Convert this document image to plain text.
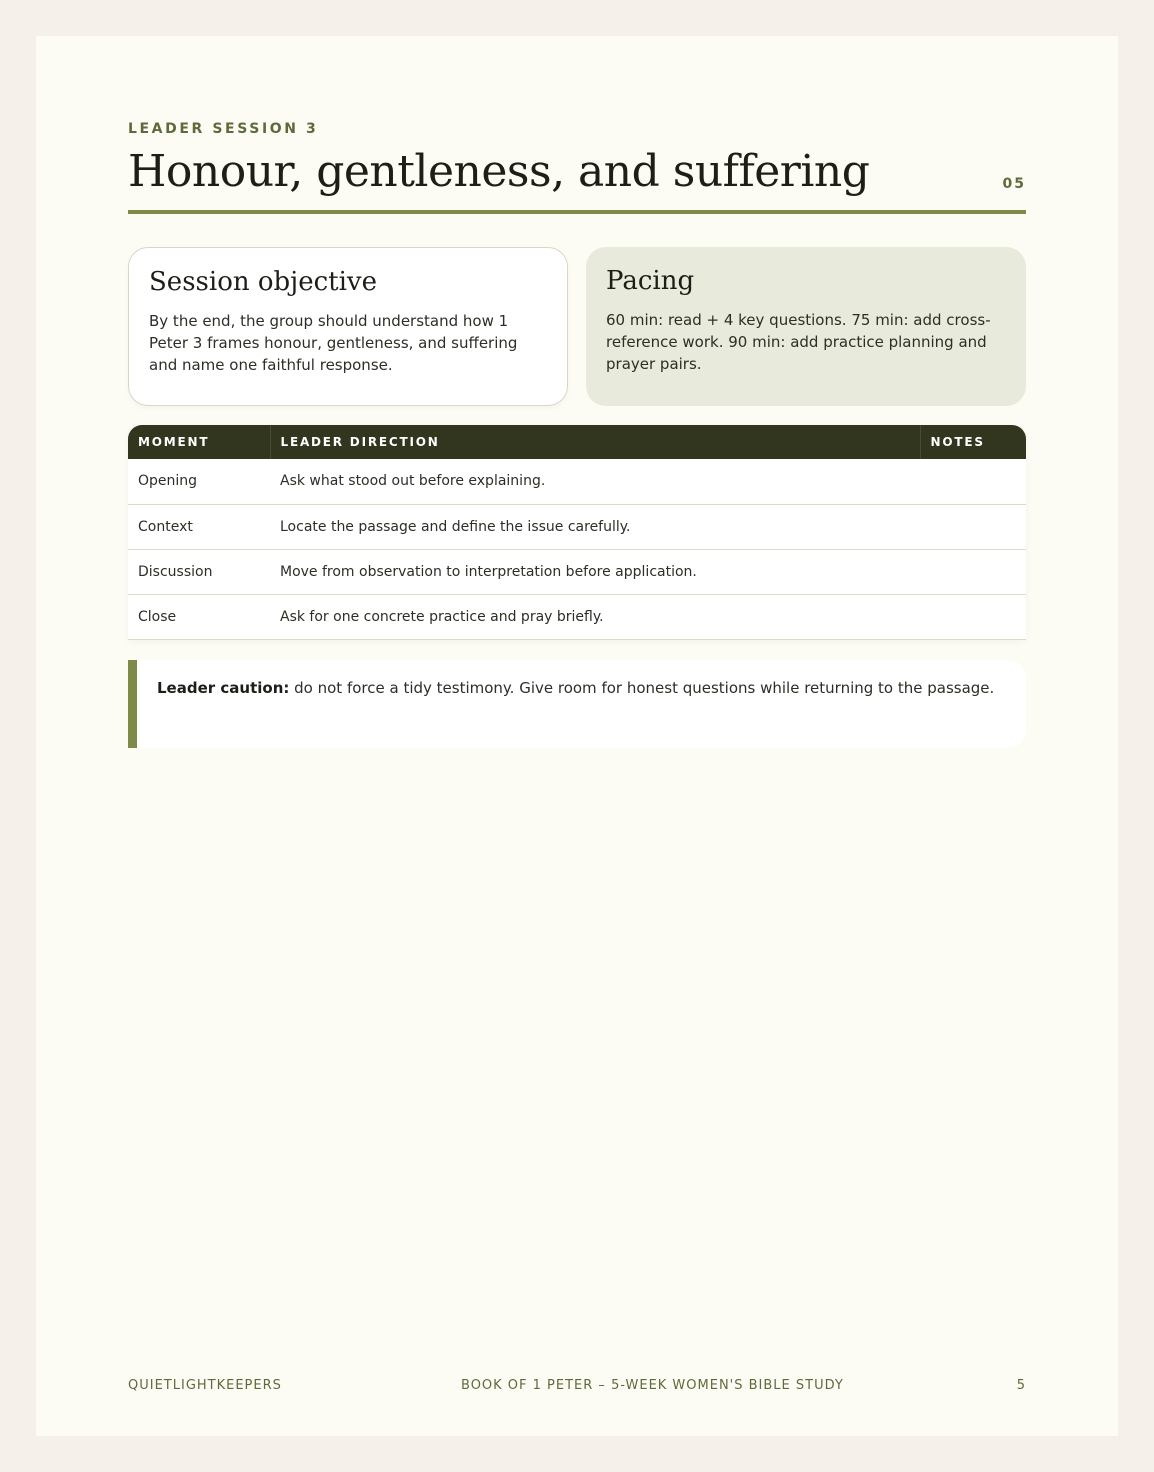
LEADER SESSION 3
Honour, gentleness, and suffering	05
Session objective

By the end, the group should understand how 1 Peter 3 frames honour, gentleness, and suffering and name one faithful response.

Pacing

60 min: read + 4 key questions. 75 min: add cross-reference work. 90 min: add practice planning and prayer pairs.

MOMENT	LEADER DIRECTION	NOTES
Opening	Ask what stood out before explaining.	
Context	Locate the passage and define the issue carefully.	
Discussion	Move from observation to interpretation before application.	
Close	Ask for one concrete practice and pray briefly.	
Leader caution: do not force a tidy testimony. Give room for honest questions while returning to the passage.
QUIETLIGHTKEEPERS	BOOK OF 1 PETER – 5-WEEK WOMEN'S BIBLE STUDY	5
